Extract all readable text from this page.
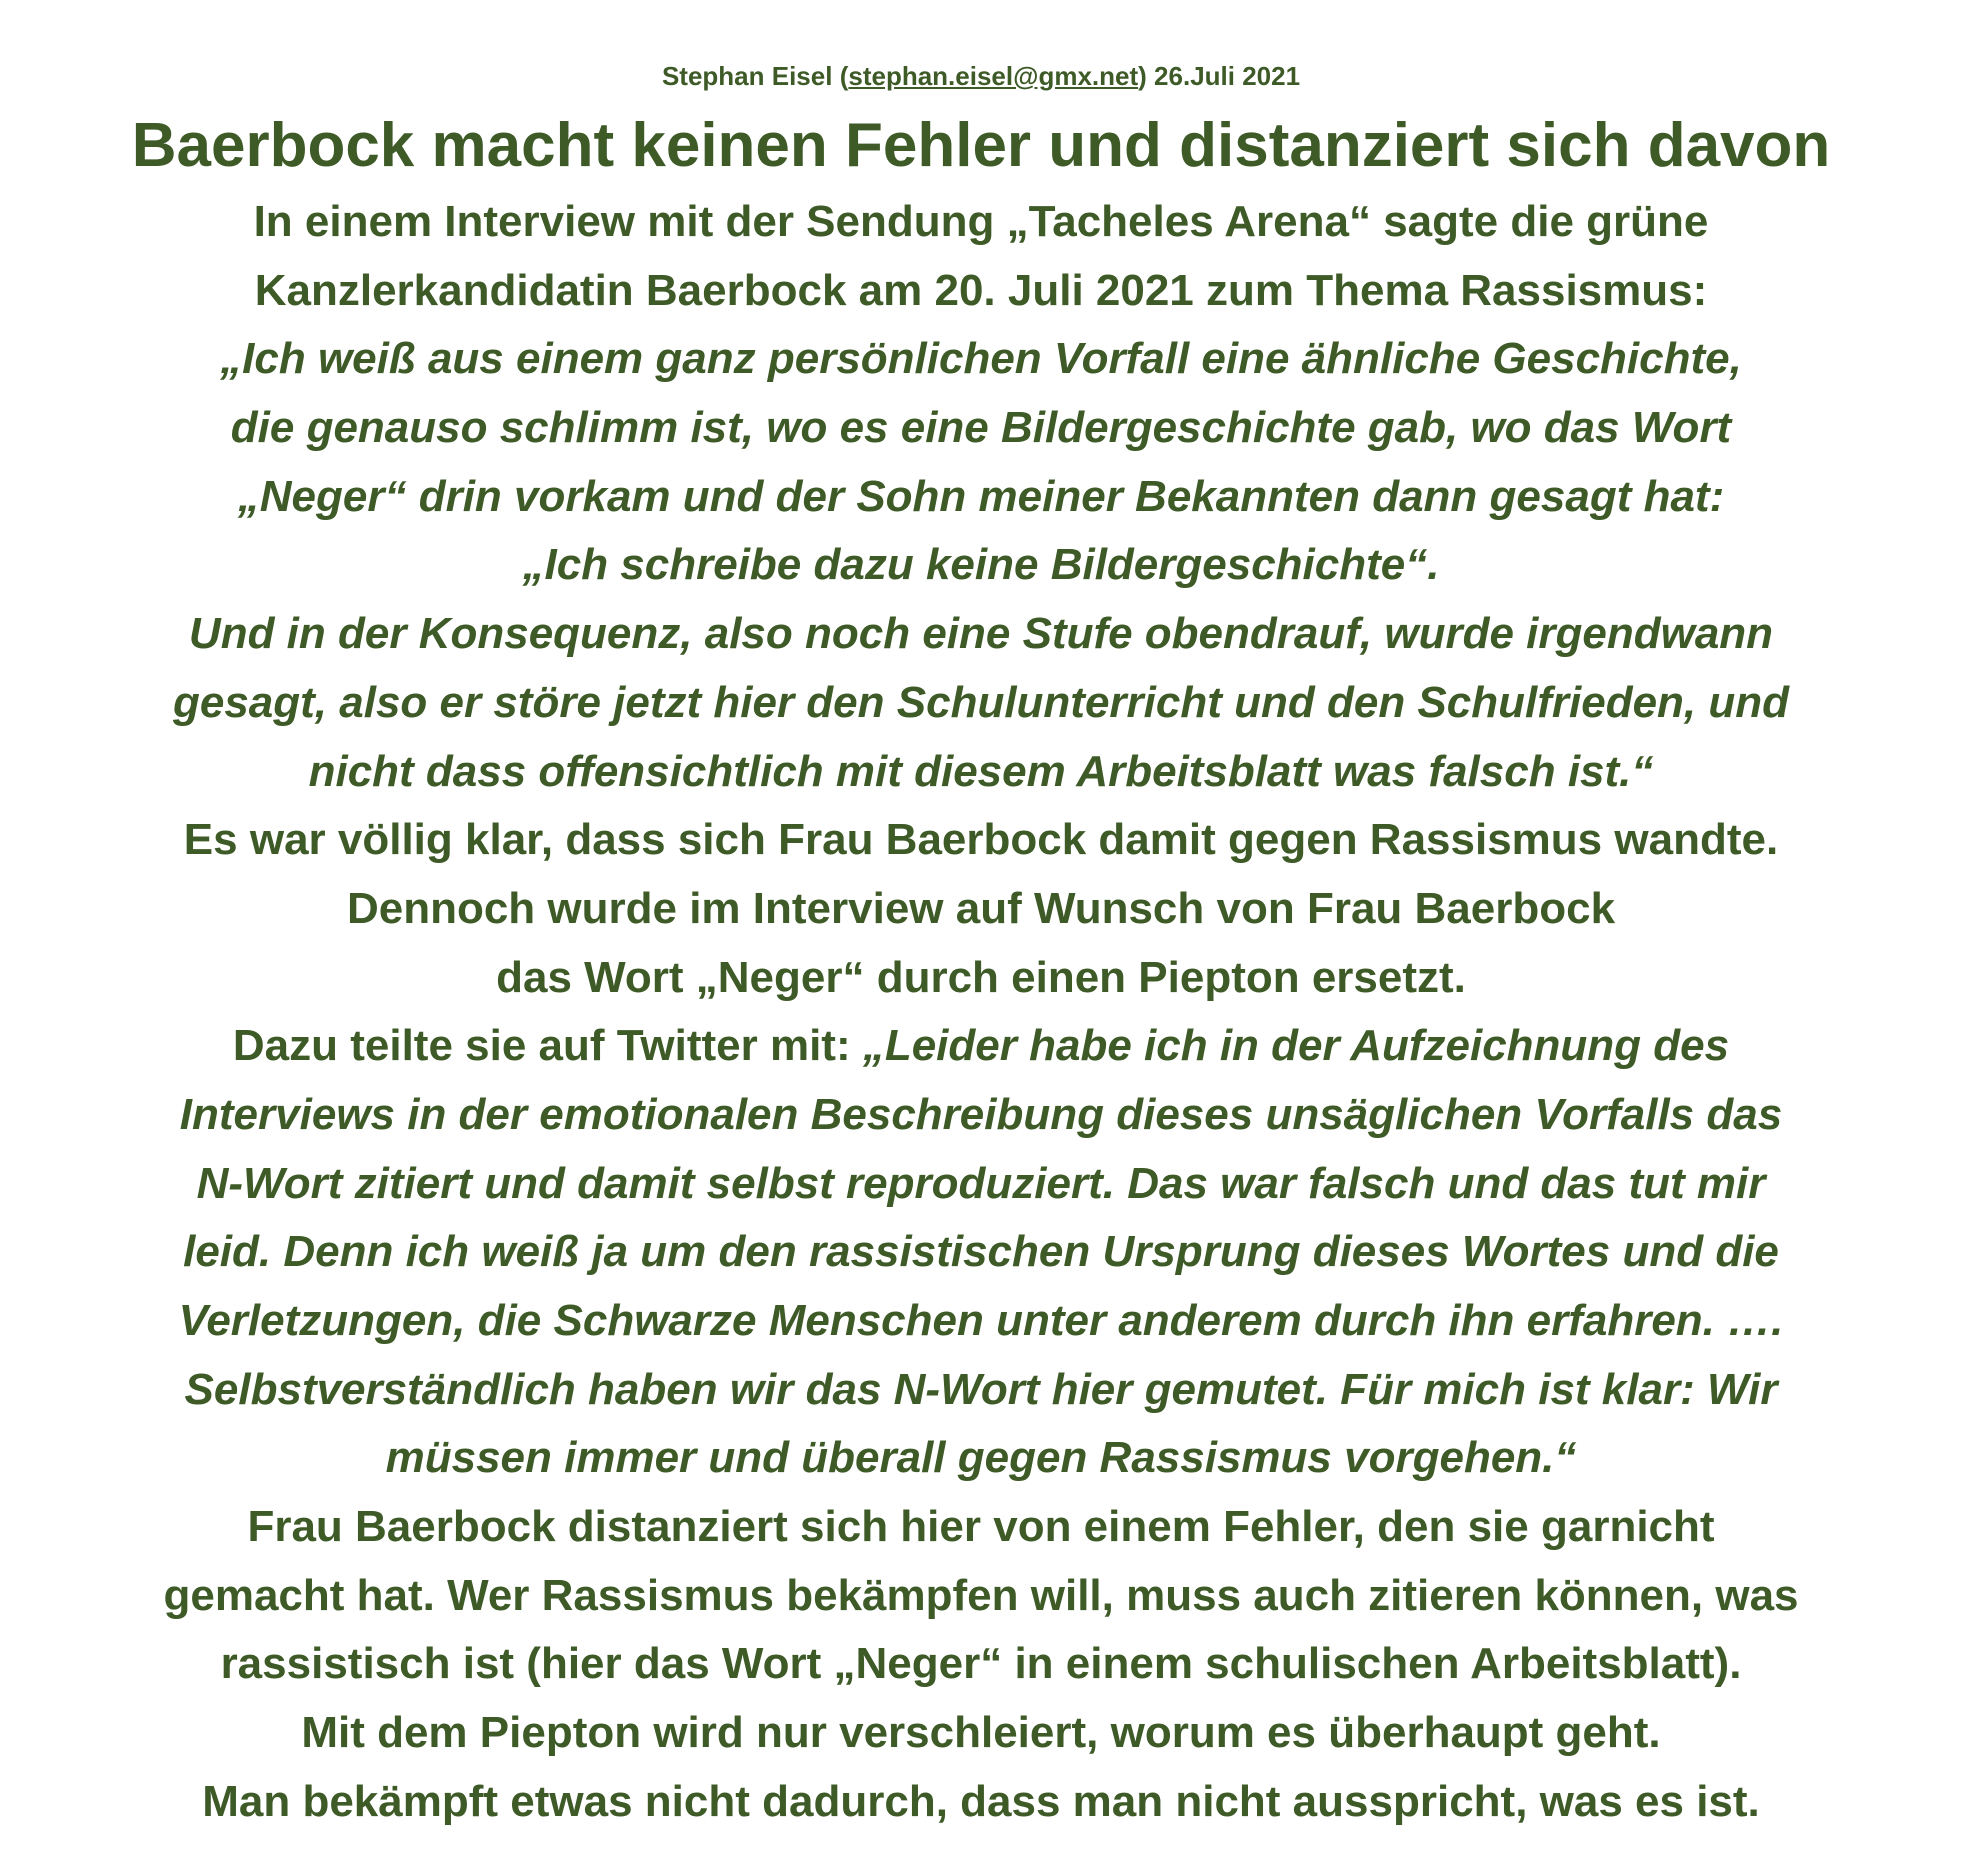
Stephan Eisel (stephan.eisel@gmx.net) 26.Juli 2021
Baerbock macht keinen Fehler und distanziert sich davon
In einem Interview mit der Sendung „Tacheles Arena“ sagte die grüne
Kanzlerkandidatin Baerbock am 20. Juli 2021 zum Thema Rassismus:
„Ich weiß aus einem ganz persönlichen Vorfall eine ähnliche Geschichte,
die genauso schlimm ist, wo es eine Bildergeschichte gab, wo das Wort
„Neger“ drin vorkam und der Sohn meiner Bekannten dann gesagt hat:
„Ich schreibe dazu keine Bildergeschichte“.
Und in der Konsequenz, also noch eine Stufe obendrauf, wurde irgendwann
gesagt, also er störe jetzt hier den Schulunterricht und den Schulfrieden, und
nicht dass offensichtlich mit diesem Arbeitsblatt was falsch ist.“
Es war völlig klar, dass sich Frau Baerbock damit gegen Rassismus wandte.
Dennoch wurde im Interview auf Wunsch von Frau Baerbock
das Wort „Neger“ durch einen Piepton ersetzt.
Dazu teilte sie auf Twitter mit: „Leider habe ich in der Aufzeichnung des
Interviews in der emotionalen Beschreibung dieses unsäglichen Vorfalls das
N-Wort zitiert und damit selbst reproduziert. Das war falsch und das tut mir
leid. Denn ich weiß ja um den rassistischen Ursprung dieses Wortes und die
Verletzungen, die Schwarze Menschen unter anderem durch ihn erfahren. ….
Selbstverständlich haben wir das N-Wort hier gemutet. Für mich ist klar: Wir
müssen immer und überall gegen Rassismus vorgehen.“
Frau Baerbock distanziert sich hier von einem Fehler, den sie garnicht
gemacht hat. Wer Rassismus bekämpfen will, muss auch zitieren können, was
rassistisch ist (hier das Wort „Neger“ in einem schulischen Arbeitsblatt).
Mit dem Piepton wird nur verschleiert, worum es überhaupt geht.
Man bekämpft etwas nicht dadurch, dass man nicht ausspricht, was es ist.
